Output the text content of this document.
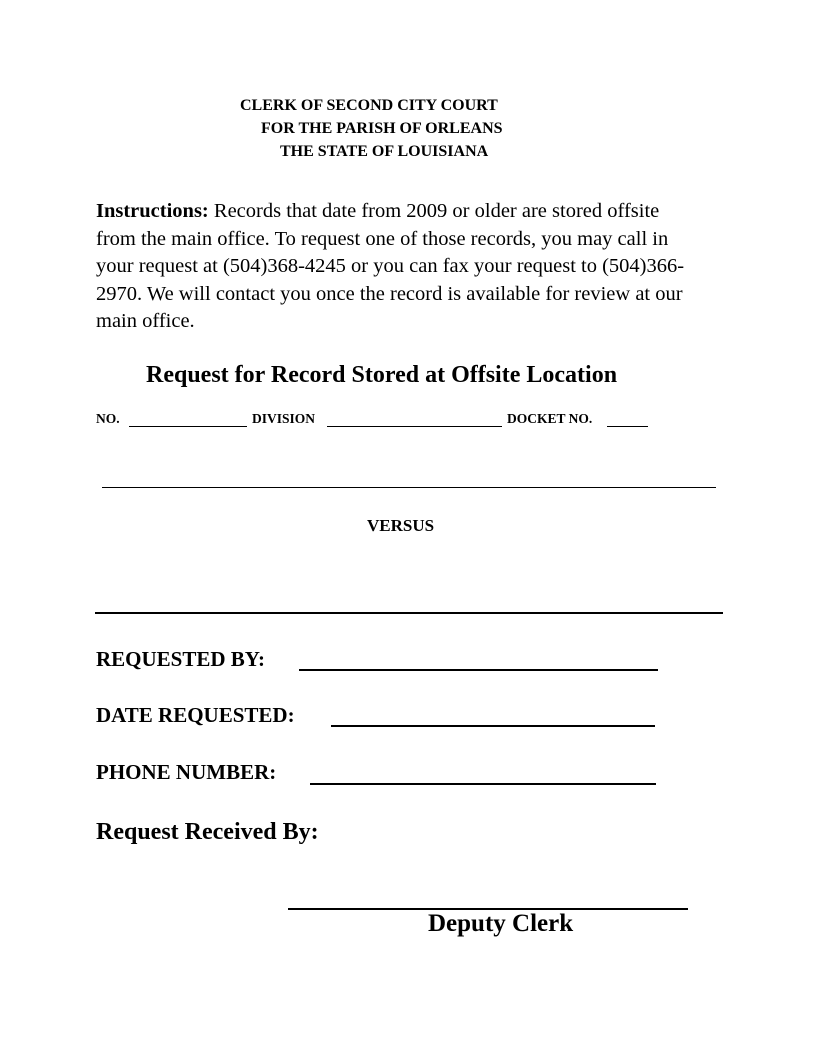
CLERK OF SECOND CITY COURT
FOR THE PARISH OF ORLEANS
THE STATE OF LOUISIANA
Instructions: Records that date from 2009 or older are stored offsite from the main office. To request one of those records, you may call in your request at (504)368-4245 or you can fax your request to (504)366-2970. We will contact you once the record is available for review at our main office.
Request for Record Stored at Offsite Location
NO.	DIVISION	DOCKET NO.
VERSUS
REQUESTED BY:
DATE REQUESTED:
PHONE NUMBER:
Request Received By:
Deputy Clerk
